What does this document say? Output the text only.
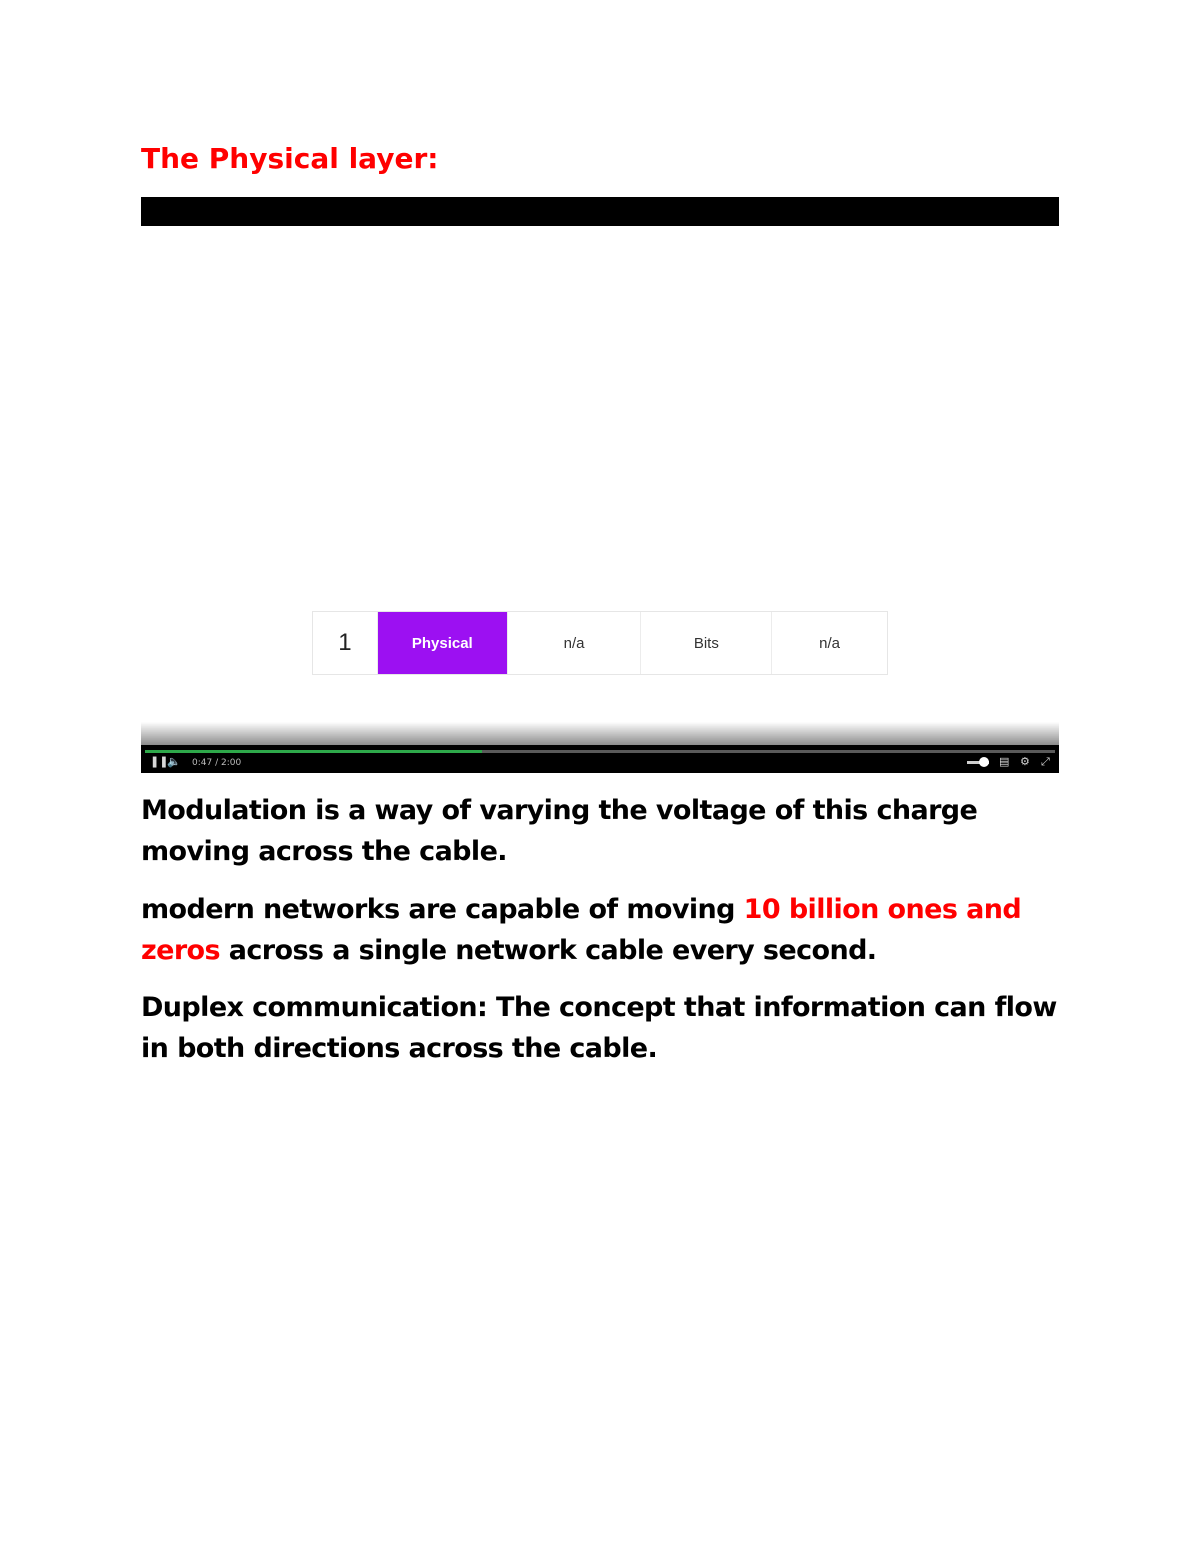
The Physical layer:
1	Physical	n/a	Bits	n/a
❚❚
🔈 0:47 / 2:00	▤ ⚙ ⤢

Modulation is a way of varying the voltage of this charge moving across the cable.

modern networks are capable of moving 10 billion ones and zeros across a single network cable every second.

Duplex communication: The concept that information can flow in both directions across the cable.
